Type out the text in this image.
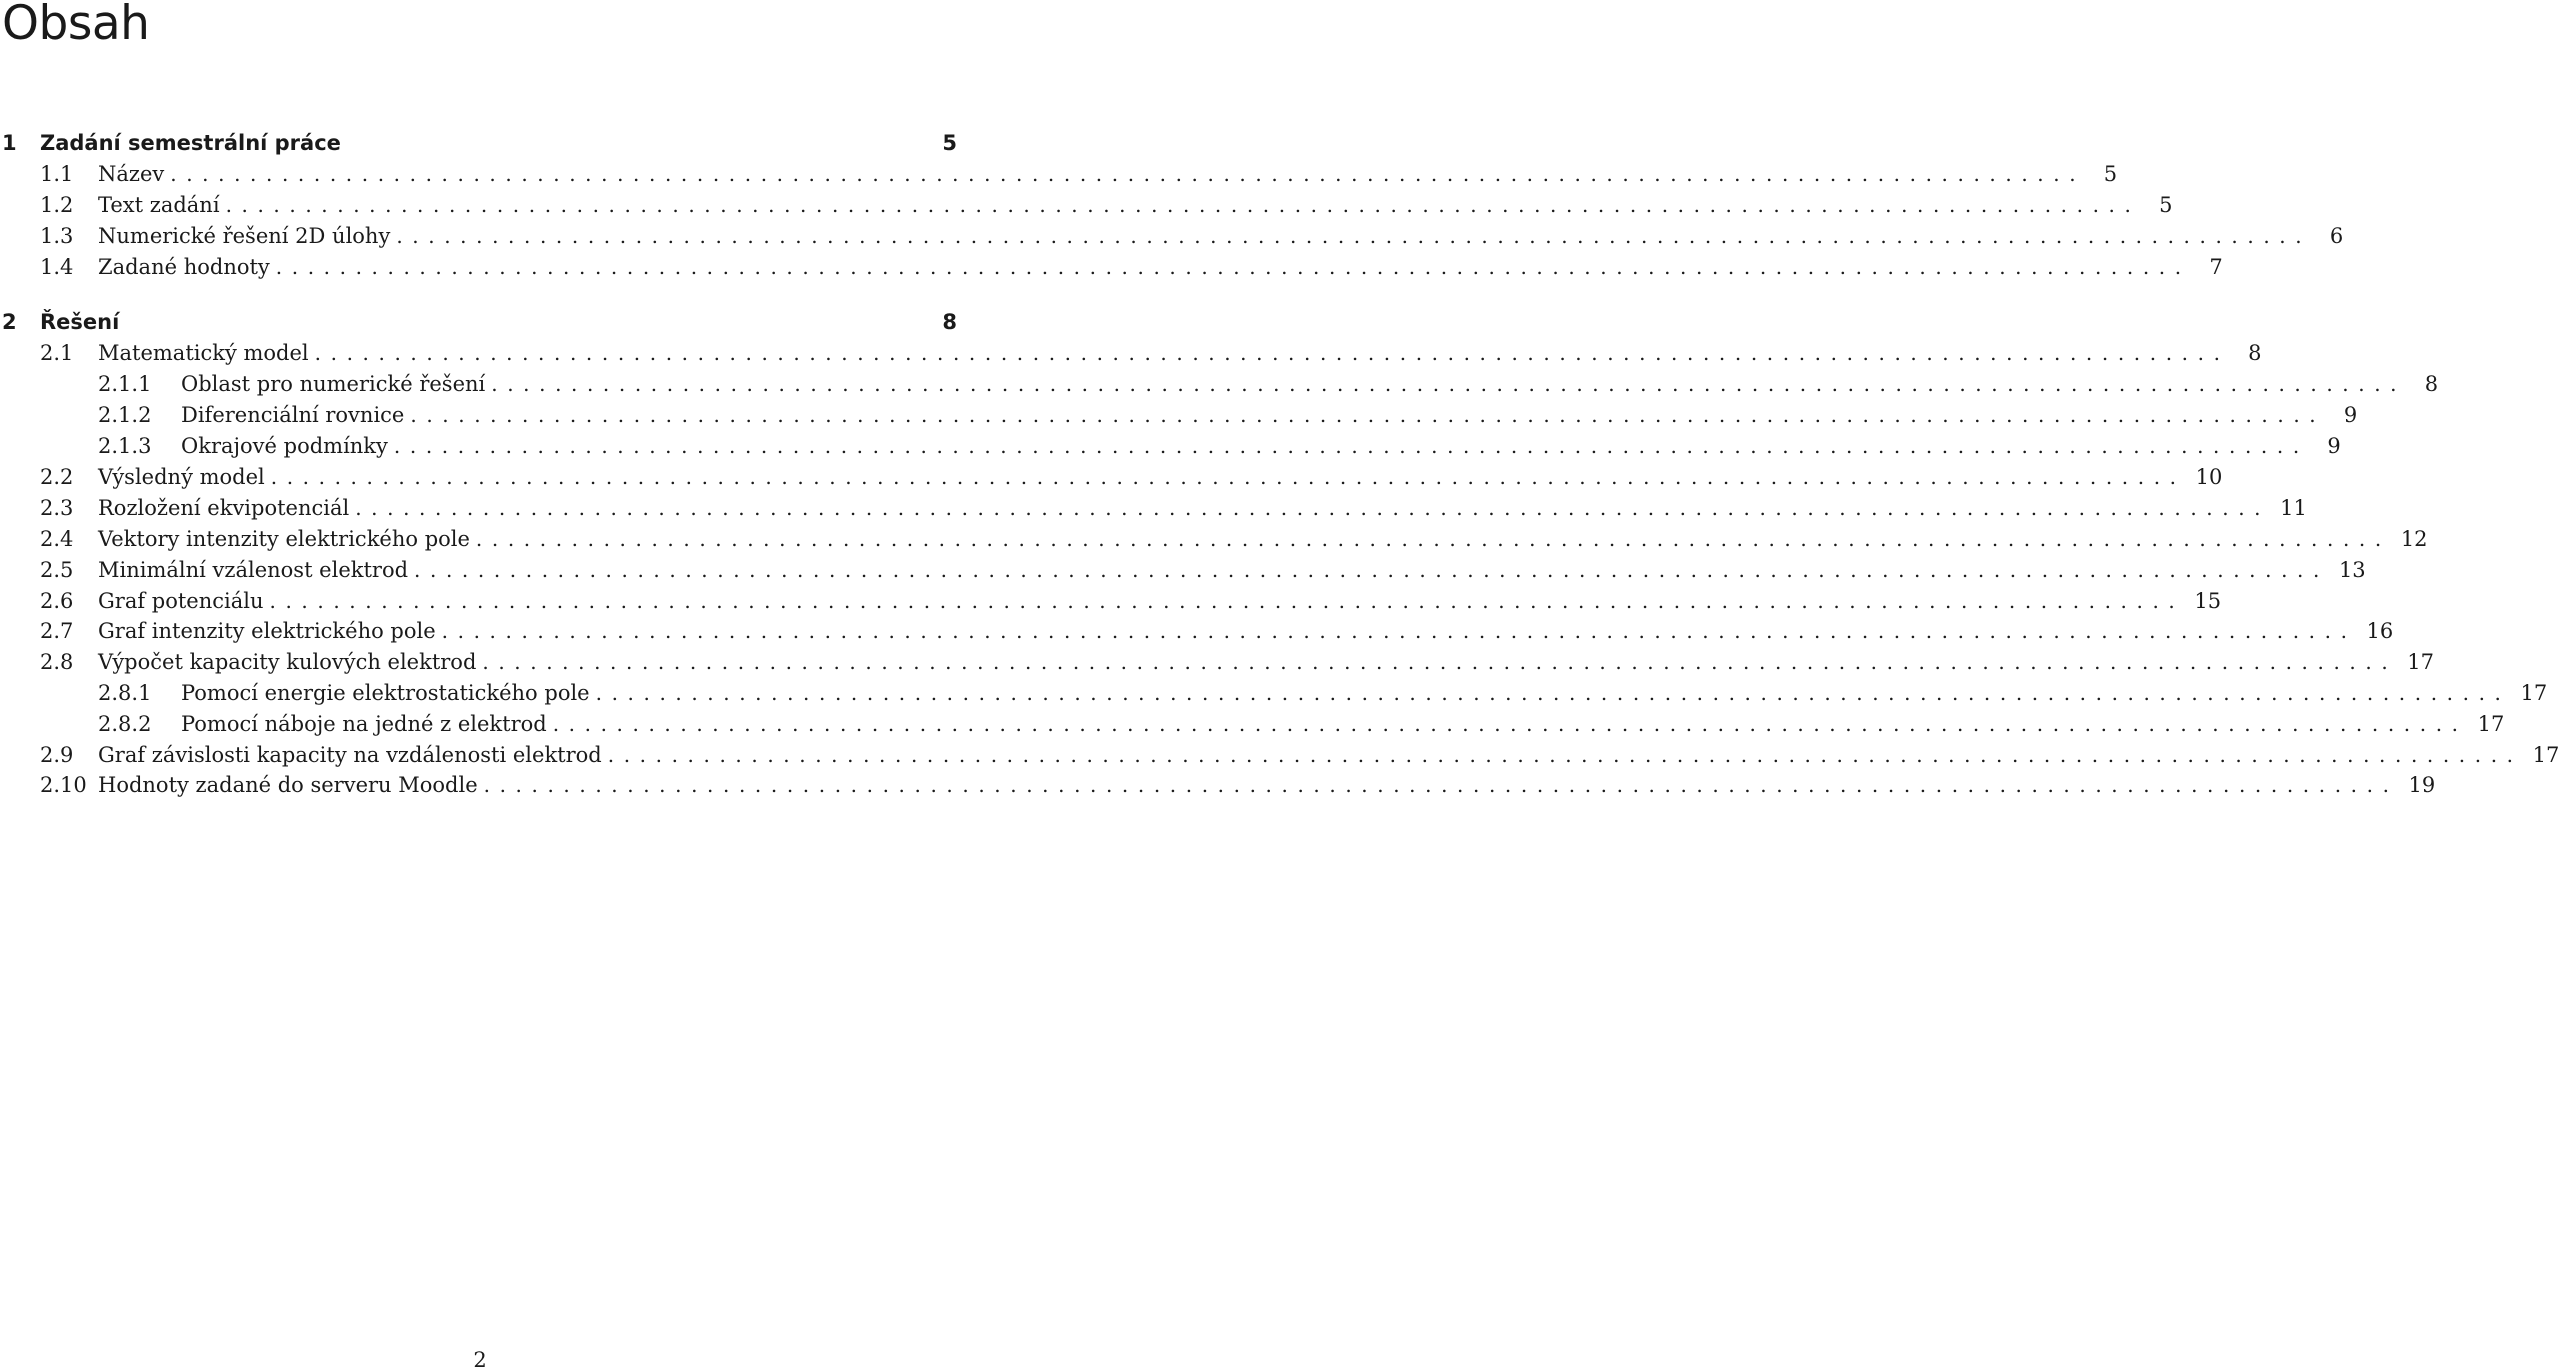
Obsah
1 Zadání semestrální práce	5
1.1 Název ........................................................................................................................ 5
1.2 Text zadání ........................................................................................................................ 5
1.3 Numerické řešení 2D úlohy ........................................................................................................................ 6
1.4 Zadané hodnoty ........................................................................................................................ 7
2 Řešení	8
2.1 Matematický model ........................................................................................................................ 8
2.1.1 Oblast pro numerické řešení ........................................................................................................................ 8
2.1.2 Diferenciální rovnice ........................................................................................................................ 9
2.1.3 Okrajové podmínky ........................................................................................................................ 9
2.2 Výsledný model ........................................................................................................................ 10
2.3 Rozložení ekvipotenciál ........................................................................................................................ 11
2.4 Vektory intenzity elektrického pole ........................................................................................................................ 12
2.5 Minimální vzálenost elektrod ........................................................................................................................ 13
2.6 Graf potenciálu ........................................................................................................................ 15
2.7 Graf intenzity elektrického pole ........................................................................................................................ 16
2.8 Výpočet kapacity kulových elektrod ........................................................................................................................ 17
2.8.1 Pomocí energie elektrostatického pole ........................................................................................................................ 17
2.8.2 Pomocí náboje na jedné z elektrod ........................................................................................................................ 17
2.9 Graf závislosti kapacity na vzdálenosti elektrod ........................................................................................................................ 17
2.10 Hodnoty zadané do serveru Moodle ........................................................................................................................ 19
2
